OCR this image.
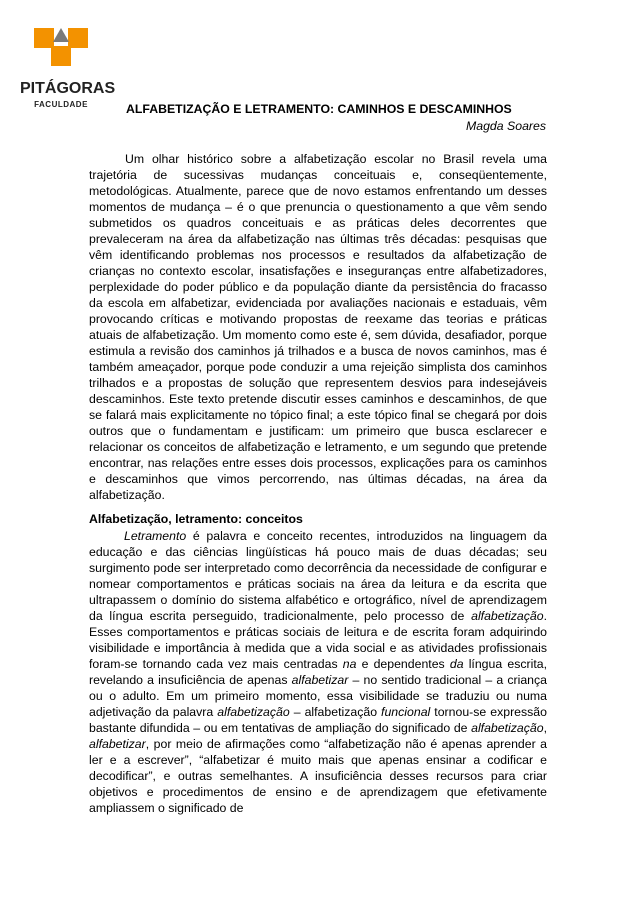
PITÁGORAS
FACULDADE	ALFABETIZAÇÃO E LETRAMENTO: CAMINHOS E DESCAMINHOS
Magda Soares

Um olhar histórico sobre a alfabetização escolar no Brasil revela uma trajetória de sucessivas mudanças conceituais e, conseqüentemente, metodológicas. Atualmente, parece que de novo estamos enfrentando um desses momentos de mudança – é o que prenuncia o questionamento a que vêm sendo submetidos os quadros conceituais e as práticas deles decorrentes que prevaleceram na área da alfabetização nas últimas três décadas: pesquisas que vêm identificando problemas nos processos e resultados da alfabetização de crianças no contexto escolar, insatisfações e inseguranças entre alfabetizadores, perplexidade do poder público e da população diante da persistência do fracasso da escola em alfabetizar, evidenciada por avaliações nacionais e estaduais, vêm provocando críticas e motivando propostas de reexame das teorias e práticas atuais de alfabetização. Um momento como este é, sem dúvida, desafiador, porque estimula a revisão dos caminhos já trilhados e a busca de novos caminhos, mas é também ameaçador, porque pode conduzir a uma rejeição simplista dos caminhos trilhados e a propostas de solução que representem desvios para indesejáveis descaminhos. Este texto pretende discutir esses caminhos e descaminhos, de que se falará mais explicitamente no tópico final; a este tópico final se chegará por dois outros que o fundamentam e justificam: um primeiro que busca esclarecer e relacionar os conceitos de alfabetização e letramento, e um segundo que pretende encontrar, nas relações entre esses dois processos, explicações para os caminhos e descaminhos que vimos percorrendo, nas últimas décadas, na área da alfabetização.

Alfabetização, letramento: conceitos

Letramento é palavra e conceito recentes, introduzidos na linguagem da educação e das ciências lingüísticas há pouco mais de duas décadas; seu surgimento pode ser interpretado como decorrência da necessidade de configurar e nomear comportamentos e práticas sociais na área da leitura e da escrita que ultrapassem o domínio do sistema alfabético e ortográfico, nível de aprendizagem da língua escrita perseguido, tradicionalmente, pelo processo de alfabetização. Esses comportamentos e práticas sociais de leitura e de escrita foram adquirindo visibilidade e importância à medida que a vida social e as atividades profissionais foram-se tornando cada vez mais centradas na e dependentes da língua escrita, revelando a insuficiência de apenas alfabetizar – no sentido tradicional – a criança ou o adulto. Em um primeiro momento, essa visibilidade se traduziu ou numa adjetivação da palavra alfabetização – alfabetização funcional tornou-se expressão bastante difundida – ou em tentativas de ampliação do significado de alfabetização, alfabetizar, por meio de afirmações como “alfabetização não é apenas aprender a ler e a escrever”, “alfabetizar é muito mais que apenas ensinar a codificar e decodificar”, e outras semelhantes. A insuficiência desses recursos para criar objetivos e procedimentos de ensino e de aprendizagem que efetivamente ampliassem o significado de
